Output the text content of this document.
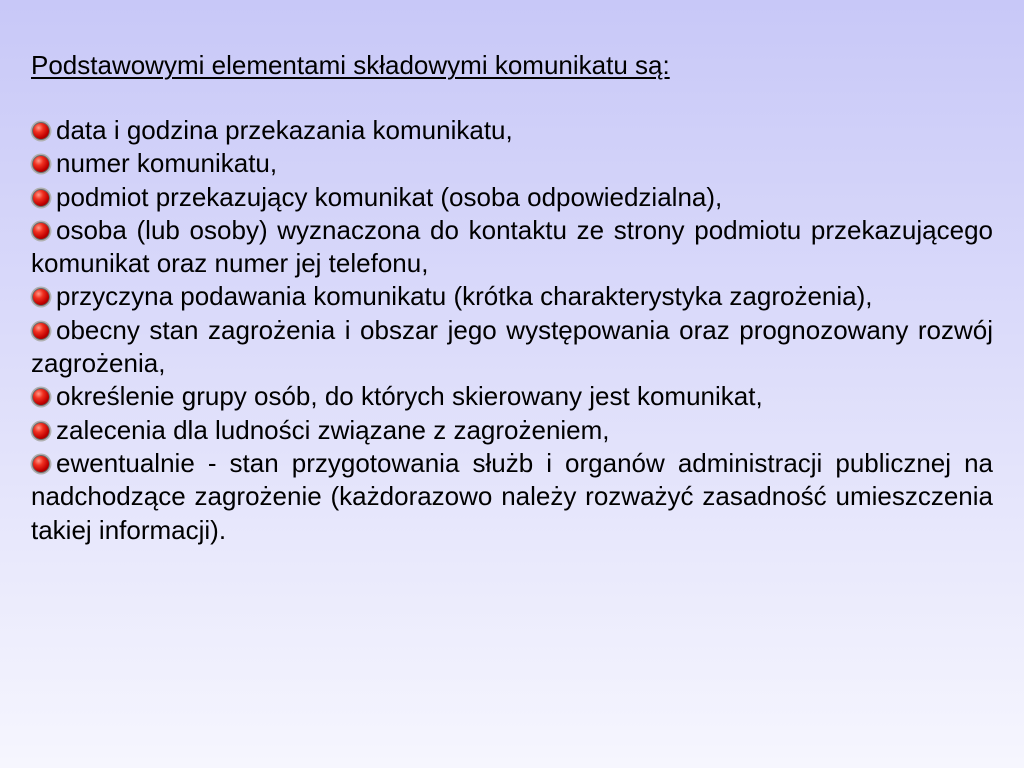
Podstawowymi elementami składowymi komunikatu są:
data i godzina przekazania komunikatu,
numer komunikatu,
podmiot przekazujący komunikat (osoba odpowiedzialna),
osoba (lub osoby) wyznaczona do kontaktu ze strony podmiotu przekazującego komunikat oraz numer jej telefonu,
przyczyna podawania komunikatu (krótka charakterystyka zagrożenia),
obecny stan zagrożenia i obszar jego występowania oraz prognozowany rozwój zagrożenia,
określenie grupy osób, do których skierowany jest komunikat,
zalecenia dla ludności związane z zagrożeniem,
ewentualnie - stan przygotowania służb i organów administracji publicznej na nadchodzące zagrożenie (każdorazowo należy rozważyć zasadność umieszczenia takiej informacji).
